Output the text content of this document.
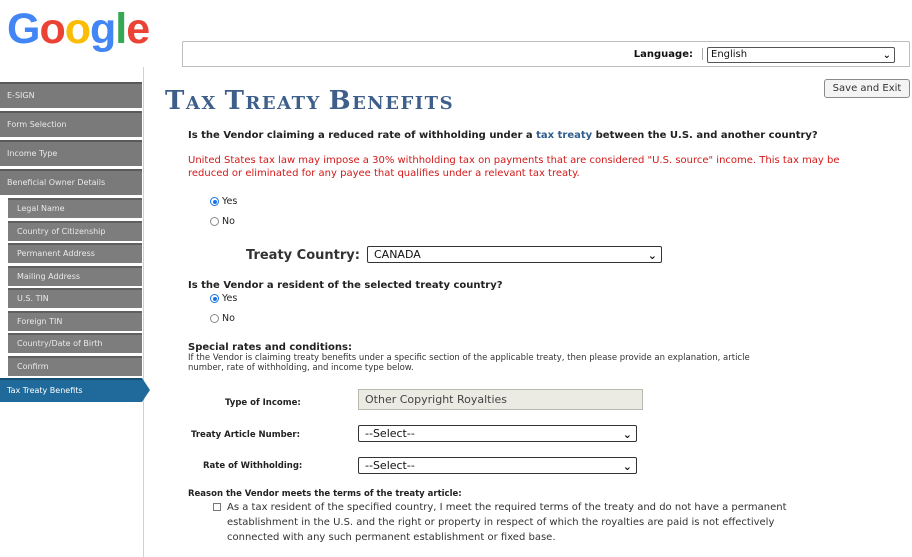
Google
Language:	English	⌄
E-SIGN
Form Selection
Income Type
Beneficial Owner Details
Legal Name
Country of Citizenship
Permanent Address
Mailing Address
U.S. TIN
Foreign TIN
Country/Date of Birth
Confirm
Tax Treaty Benefits
TAX TREATY BENEFITS
Save and Exit
Is the Vendor claiming a reduced rate of withholding under a tax treaty between the U.S. and another country?
United States tax law may impose a 30% withholding tax on payments that are considered "U.S. source" income. This tax may be reduced or eliminated for any payee that qualifies under a relevant tax treaty.
Yes
No
Treaty Country:	CANADA	⌄
Is the Vendor a resident of the selected treaty country?
Yes
No
Special rates and conditions:
If the Vendor is claiming treaty benefits under a specific section of the applicable treaty, then please provide an explanation, article number, rate of withholding, and income type below.
Type of Income:	Other Copyright Royalties
Treaty Article Number:	--Select--	⌄
Rate of Withholding:	--Select--	⌄
Reason the Vendor meets the terms of the treaty article:
As a tax resident of the specified country, I meet the required terms of the treaty and do not have a permanent establishment in the U.S. and the right or property in respect of which the royalties are paid is not effectively connected with any such permanent establishment or fixed base.
